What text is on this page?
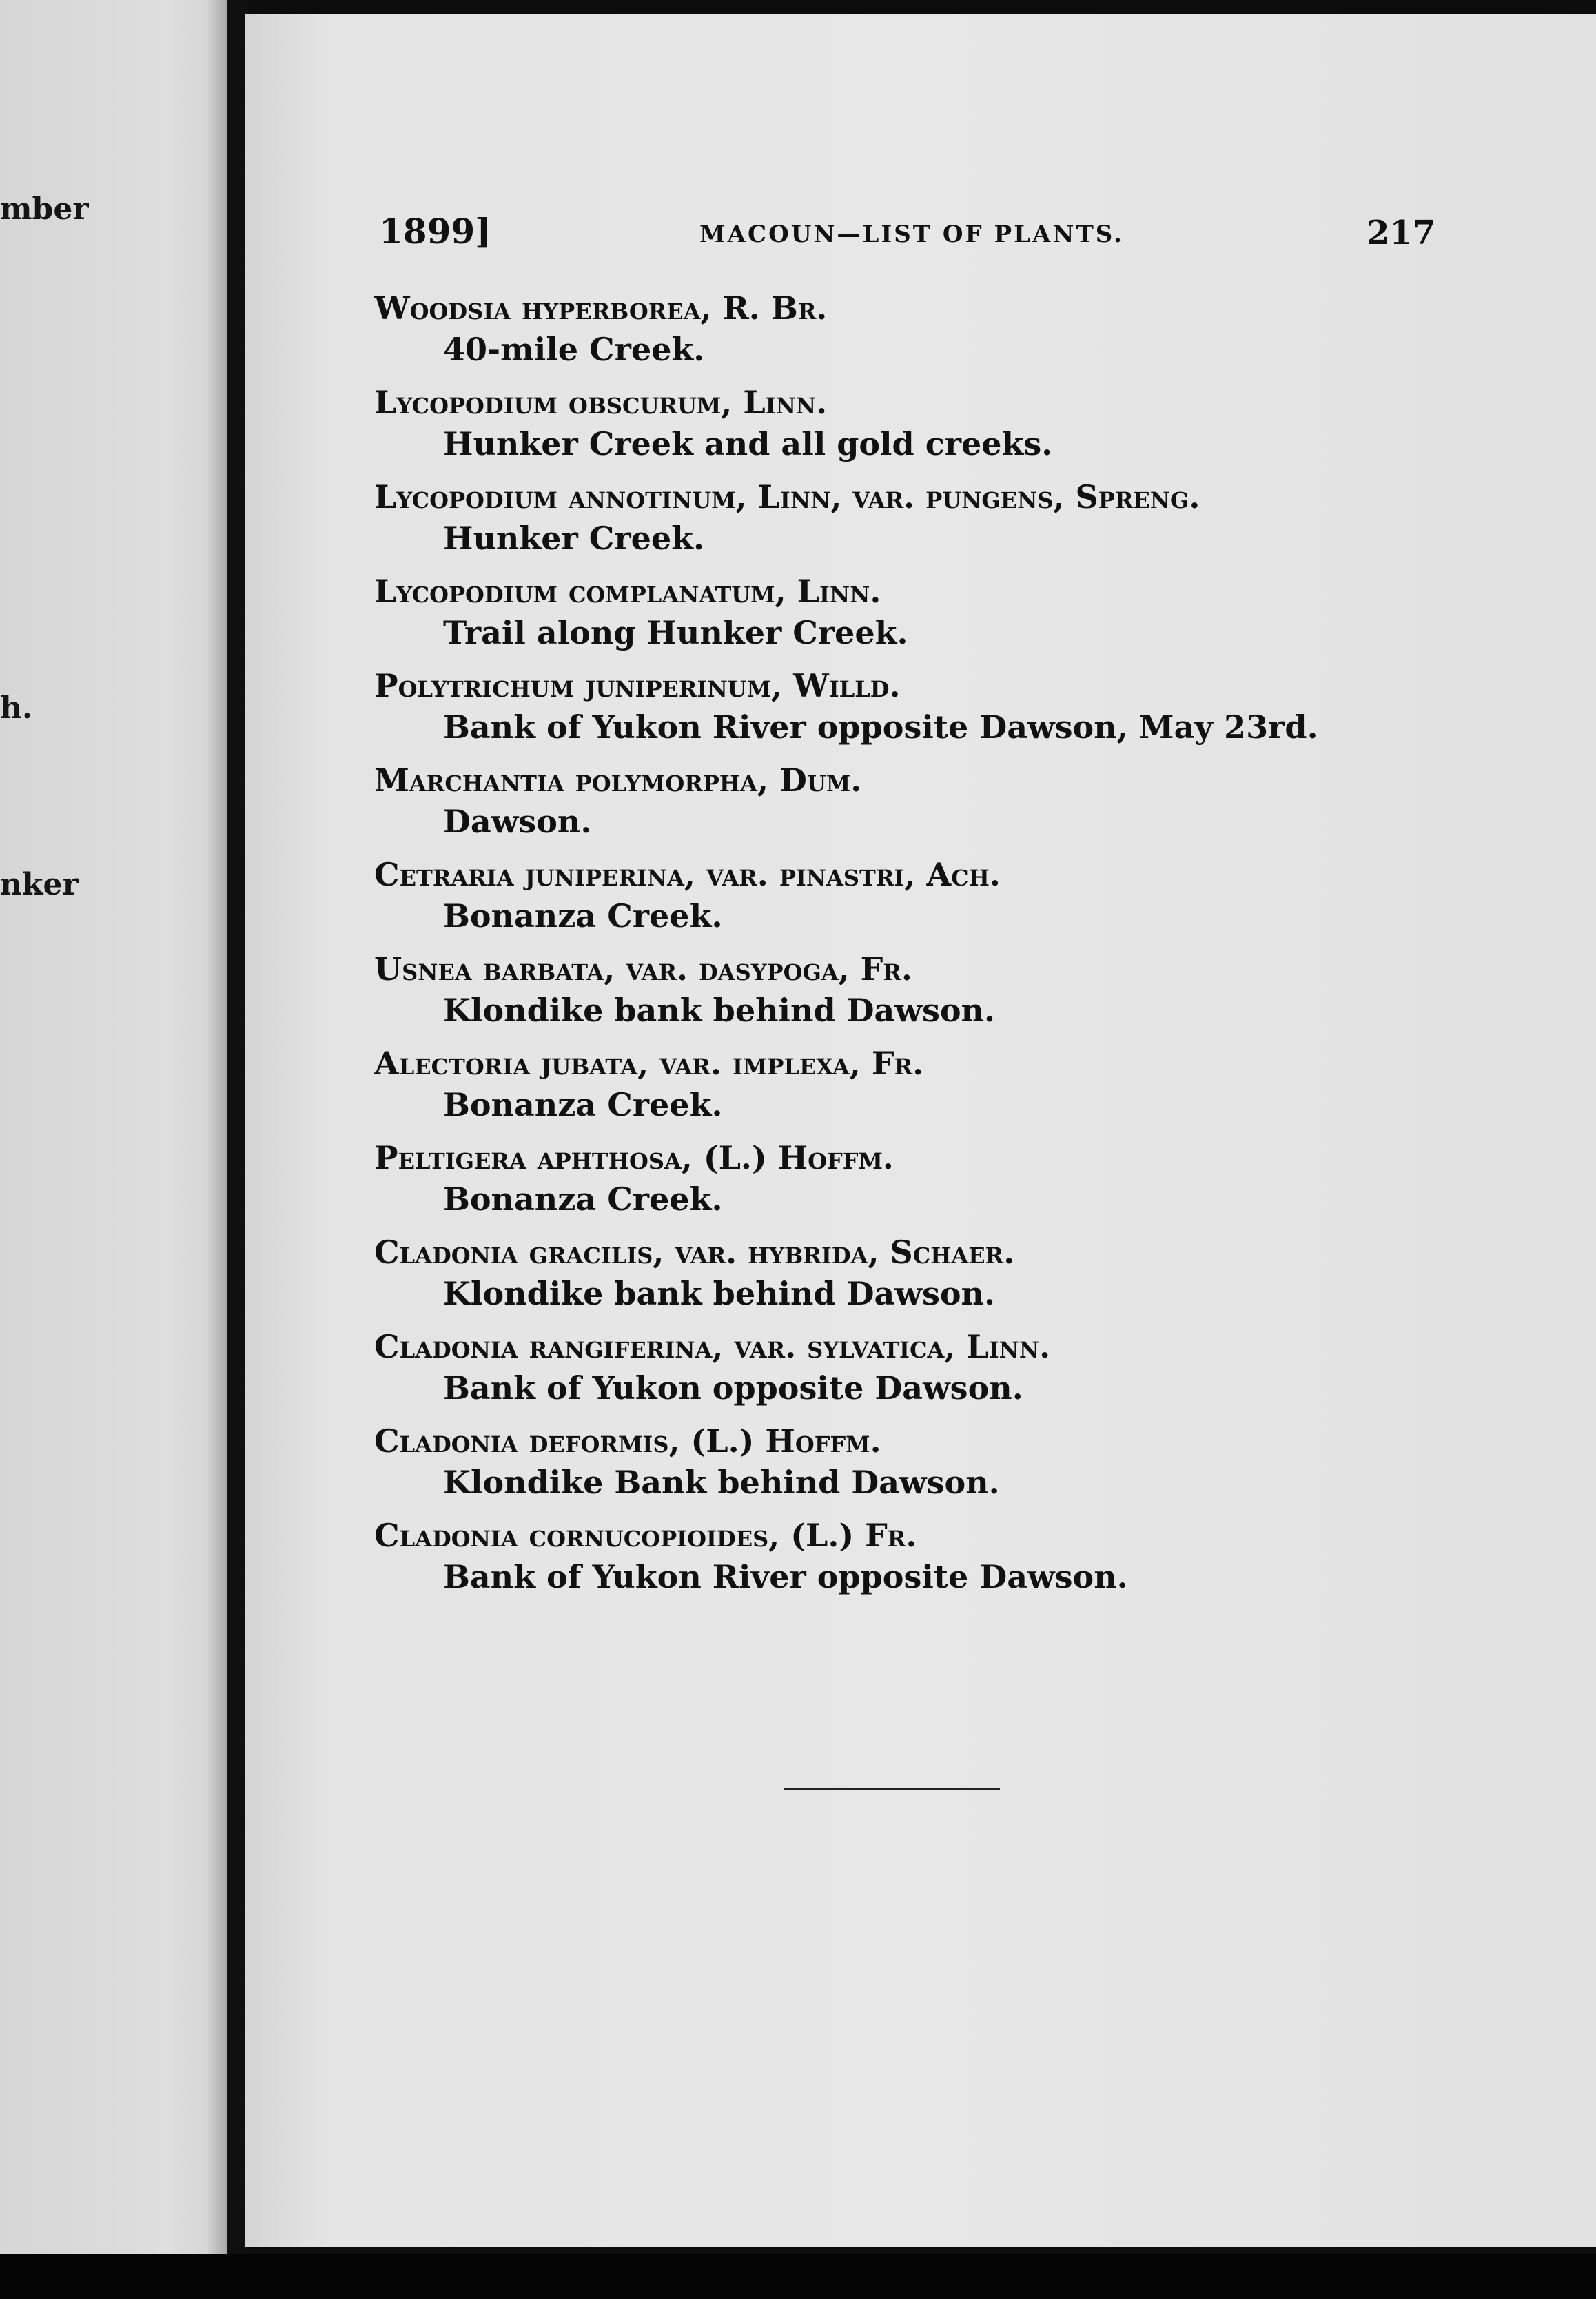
mber
h.
nker
1899]	MACOUN—LIST OF PLANTS.	217
Woodsia hyperborea, R. Br.
40-mile Creek.
Lycopodium obscurum, Linn.
Hunker Creek and all gold creeks.
Lycopodium annotinum, Linn, var. pungens, Spreng.
Hunker Creek.
Lycopodium complanatum, Linn.
Trail along Hunker Creek.
Polytrichum juniperinum, Willd.
Bank of Yukon River opposite Dawson, May 23rd.
Marchantia polymorpha, Dum.
Dawson.
Cetraria juniperina, var. pinastri, Ach.
Bonanza Creek.
Usnea barbata, var. dasypoga, Fr.
Klondike bank behind Dawson.
Alectoria jubata, var. implexa, Fr.
Bonanza Creek.
Peltigera aphthosa, (L.) Hoffm.
Bonanza Creek.
Cladonia gracilis, var. hybrida, Schaer.
Klondike bank behind Dawson.
Cladonia rangiferina, var. sylvatica, Linn.
Bank of Yukon opposite Dawson.
Cladonia deformis, (L.) Hoffm.
Klondike Bank behind Dawson.
Cladonia cornucopioides, (L.) Fr.
Bank of Yukon River opposite Dawson.
